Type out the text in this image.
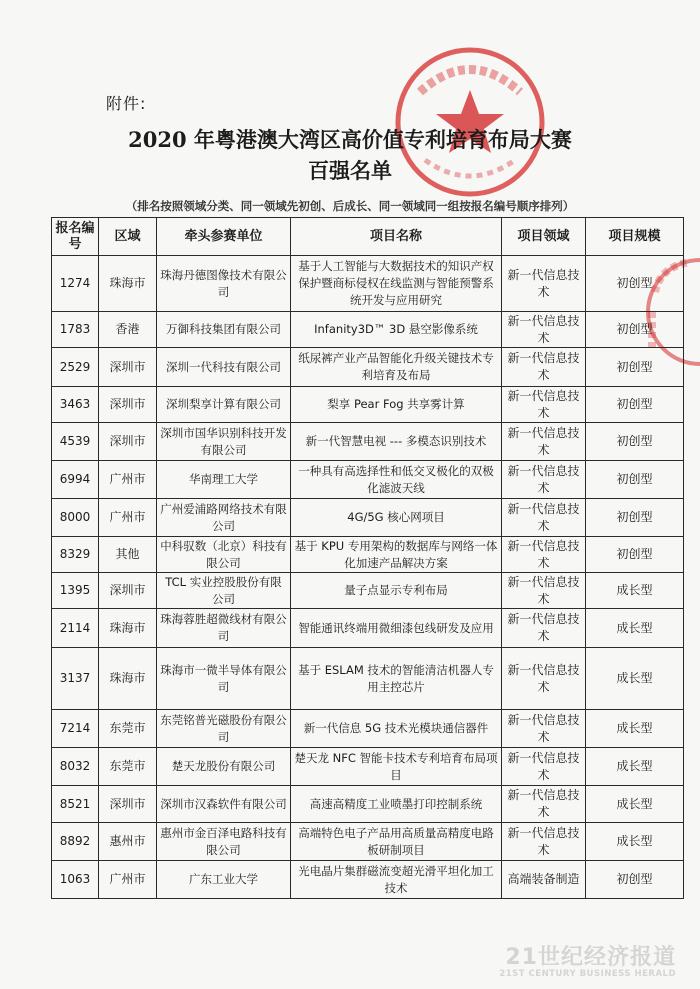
附件:
2020 年粤港澳大湾区高价值专利培育布局大赛
百强名单
（排名按照领域分类、同一领域先初创、后成长、同一领域同一组按报名编号顺序排列）
报名编号	区域	牵头参赛单位	项目名称	项目领域	项目规模
1274	珠海市	珠海丹德图像技术有限公司	基于人工智能与大数据技术的知识产权保护暨商标侵权在线监测与智能预警系统开发与应用研究	新一代信息技术	初创型
1783	香港	万御科技集团有限公司	Infanity3D™ 3D 悬空影像系统	新一代信息技术	初创型
2529	深圳市	深圳一代科技有限公司	纸尿裤产业产品智能化升级关键技术专利培育及布局	新一代信息技术	初创型
3463	深圳市	深圳梨享计算有限公司	梨享 Pear Fog 共享雾计算	新一代信息技术	初创型
4539	深圳市	深圳市国华识别科技开发有限公司	新一代智慧电视 --- 多模态识别技术	新一代信息技术	初创型
6994	广州市	华南理工大学	一种具有高选择性和低交叉极化的双极化滤波天线	新一代信息技术	初创型
8000	广州市	广州爱浦路网络技术有限公司	4G/5G 核心网项目	新一代信息技术	初创型
8329	其他	中科驭数（北京）科技有限公司	基于 KPU 专用架构的数据库与网络一体化加速产品解决方案	新一代信息技术	初创型
1395	深圳市	TCL 实业控股股份有限公司	量子点显示专利布局	新一代信息技术	成长型
2114	珠海市	珠海蓉胜超微线材有限公司	智能通讯终端用微细漆包线研发及应用	新一代信息技术	成长型
3137	珠海市	珠海市一微半导体有限公司	基于 ESLAM 技术的智能清洁机器人专用主控芯片	新一代信息技术	成长型
7214	东莞市	东莞铭普光磁股份有限公司	新一代信息 5G 技术光模块通信器件	新一代信息技术	成长型
8032	东莞市	楚天龙股份有限公司	楚天龙 NFC 智能卡技术专利培育布局项目	新一代信息技术	成长型
8521	深圳市	深圳市汉森软件有限公司	高速高精度工业喷墨打印控制系统	新一代信息技术	成长型
8892	惠州市	惠州市金百泽电路科技有限公司	高端特色电子产品用高质量高精度电路板研制项目	新一代信息技术	成长型
1063	广州市	广东工业大学	光电晶片集群磁流变超光滑平坦化加工技术	高端装备制造	初创型
21世纪经济报道
21ST CENTURY BUSINESS HERALD
